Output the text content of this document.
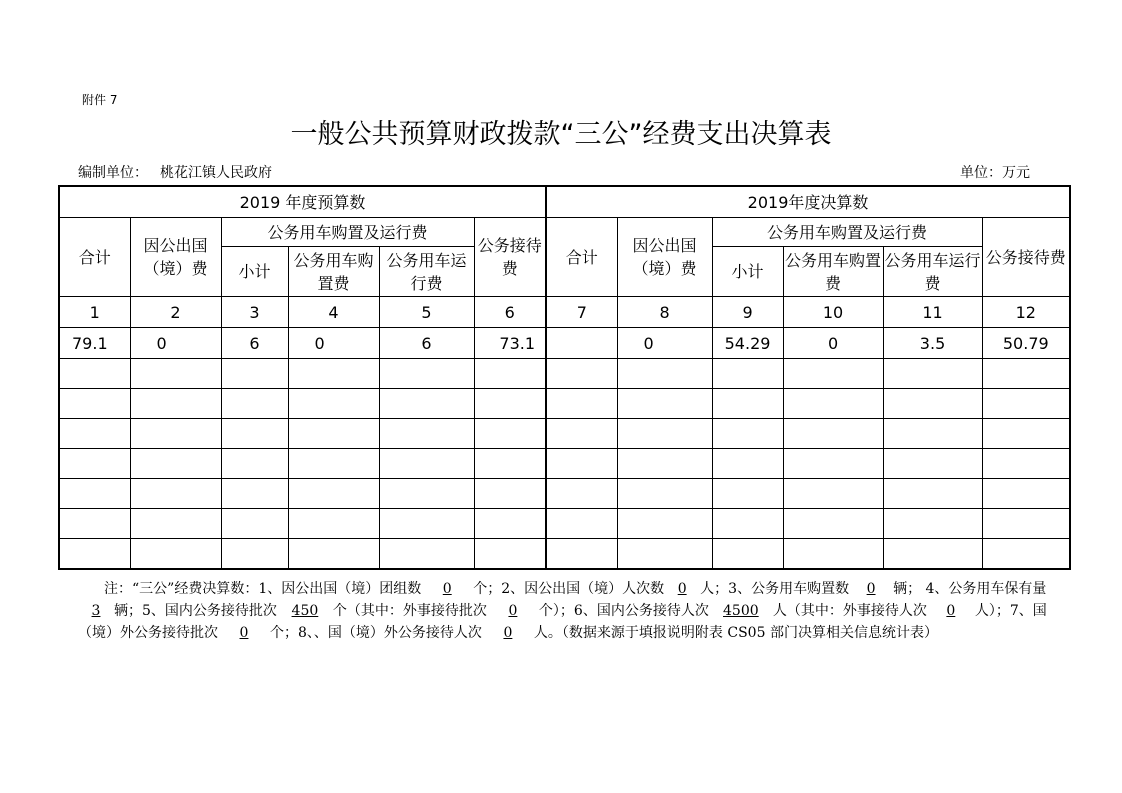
附件 7
一般公共预算财政拨款“三公”经费支出决算表
编制单位： 桃花江镇人民政府	单位：万元
2019 年度预算数						2019年度决算数					
合计	因公出国（境）费	公务用车购置及运行费			公务接待费	合计	因公出国（境）费	公务用车购置及运行费			公务接待费
		小计	公务用车购置费	公务用车运行费				小计	公务用车购置费	公务用车运行费	
1	2	3	4	5	6	7	8	9	10	11	12
79.1	0	6	0	6	73.1		0	54.29	0	3.5	50.79

注：“三公”经费决算数：1、因公出国（境）团组数 0 个；2、因公出国（境）人次数 0 人；3、公务用车购置数 0 辆； 4、公务用车保有量3 辆；5、国内公务接待批次 450 个（其中：外事接待批次 0 个）；6、国内公务接待人次 4500 人（其中：外事接待人次 0 人）；7、国（境）外公务接待批次 0 个；8、、国（境）外公务接待人次 0 人。（数据来源于填报说明附表 CS05 部门决算相关信息统计表）
